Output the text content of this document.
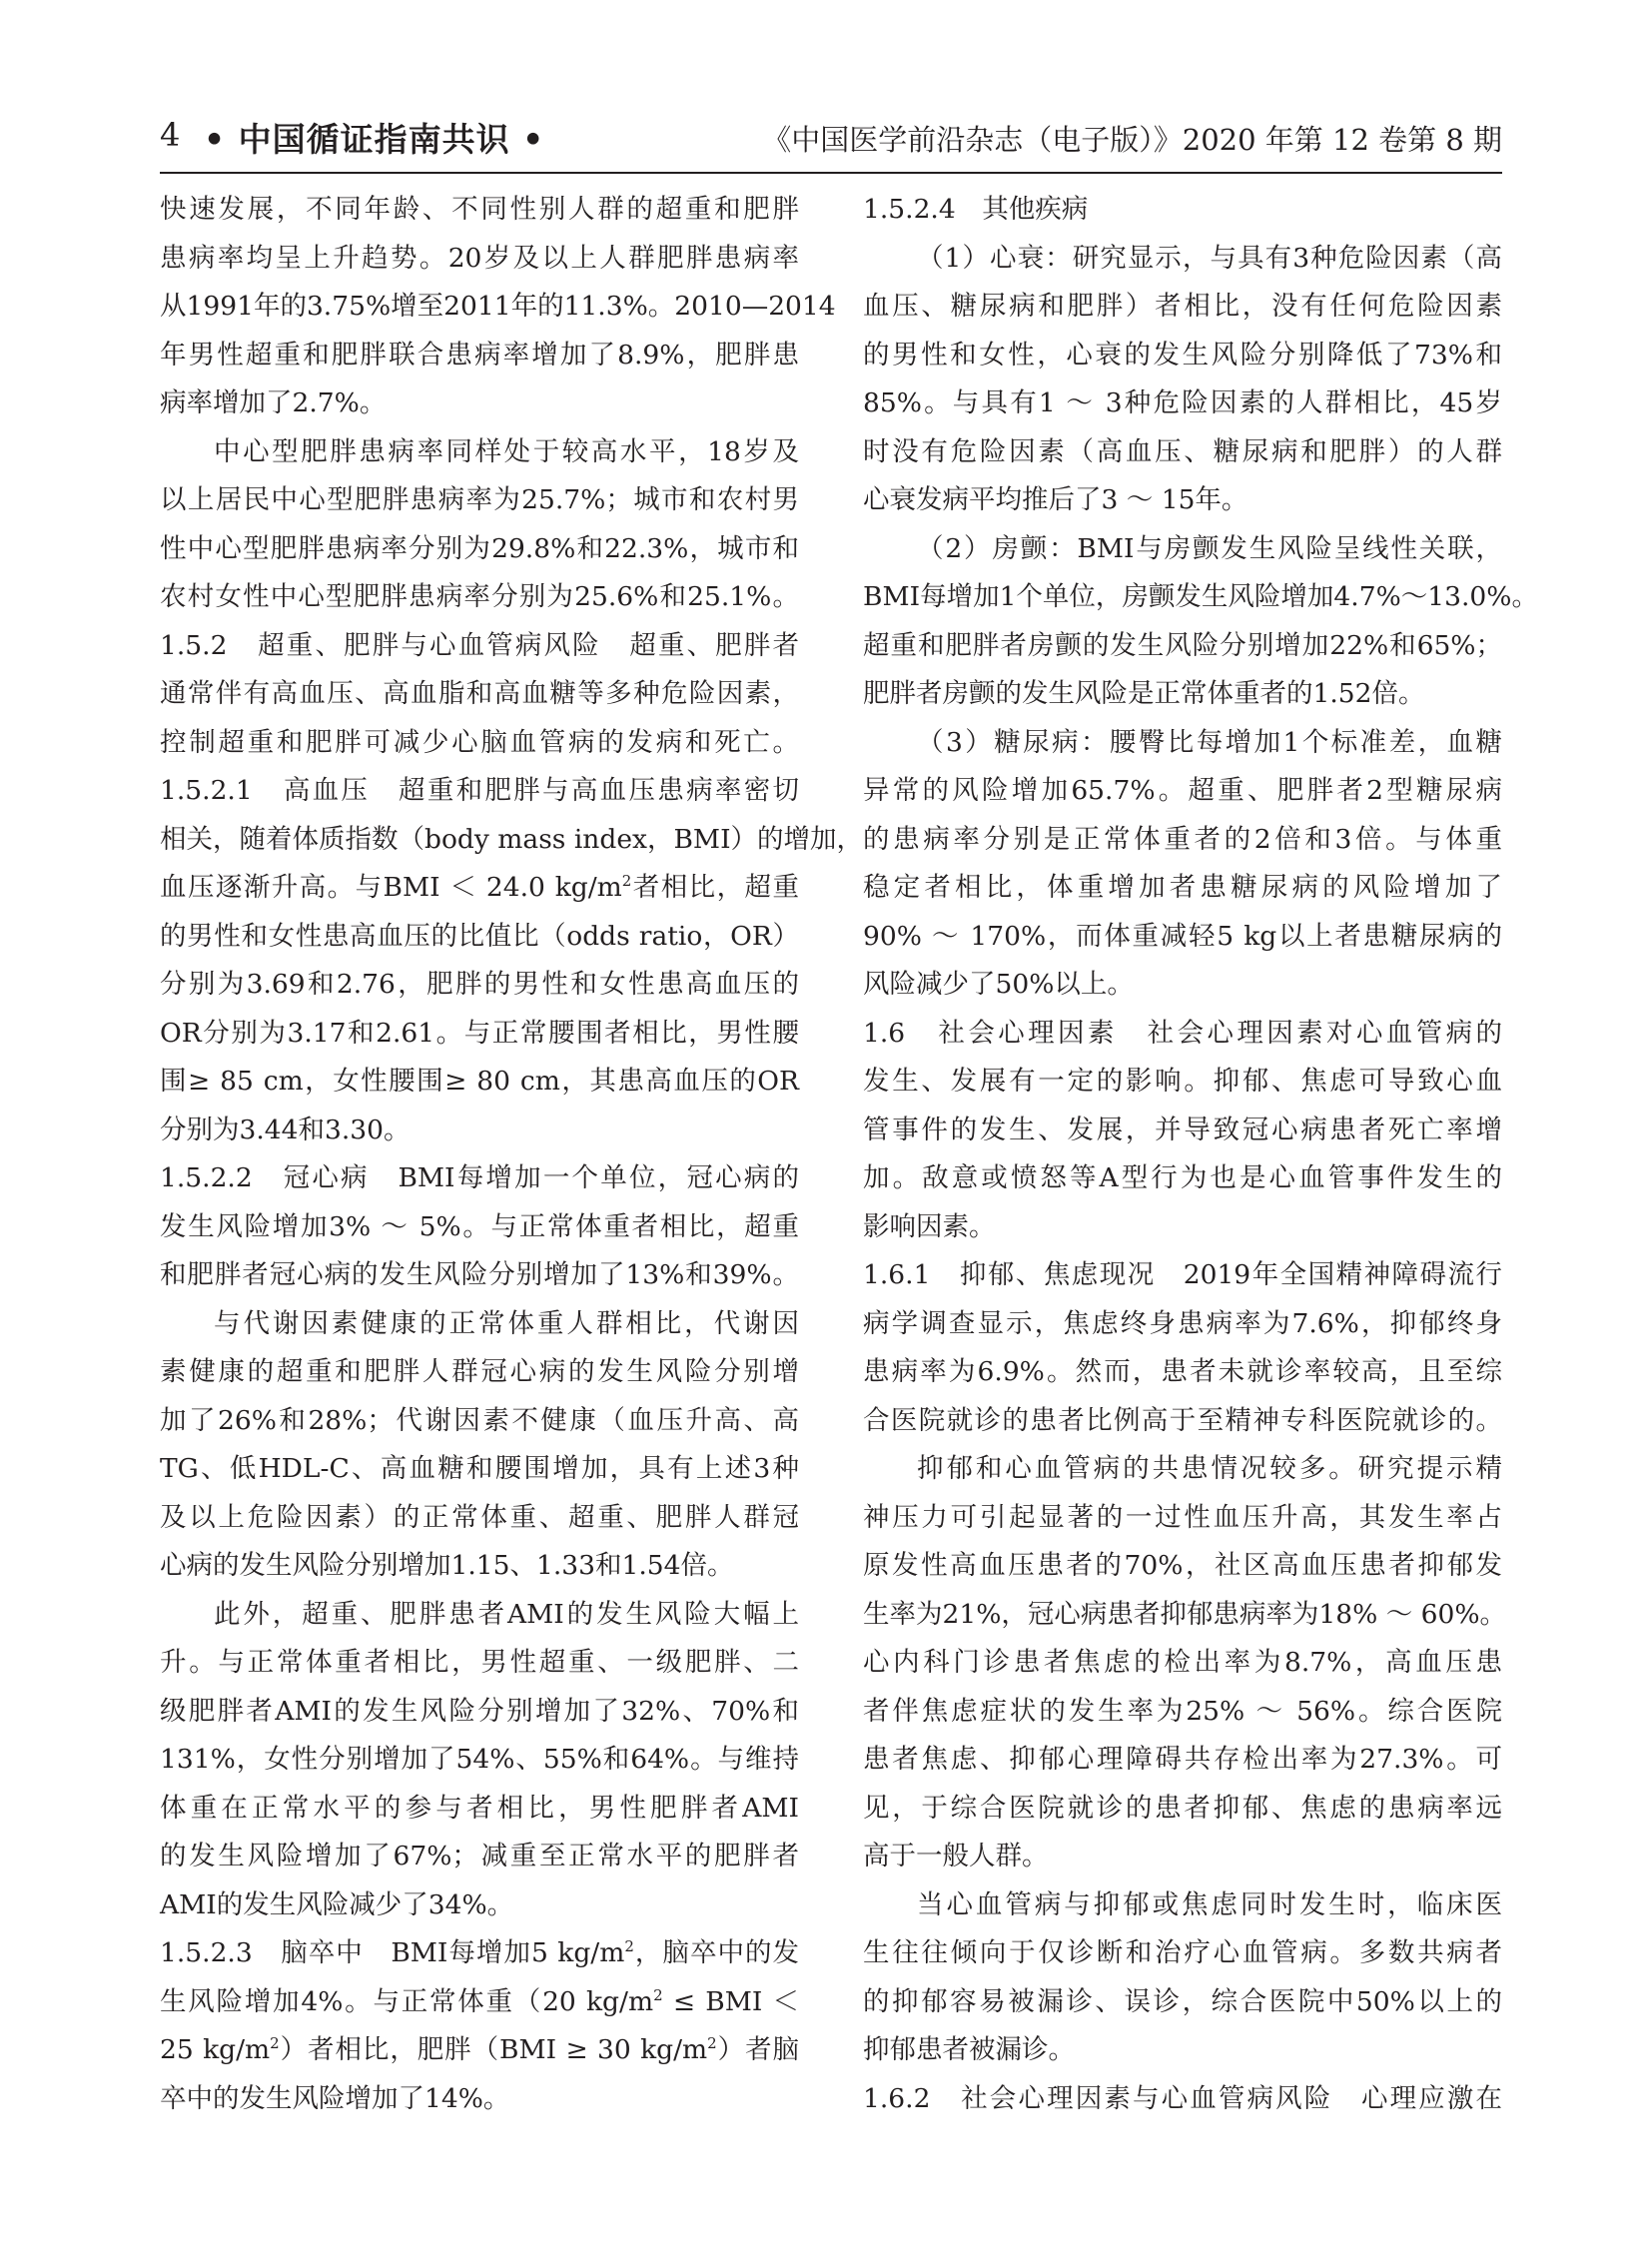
4 • 中国循证指南共识 •	《中国医学前沿杂志（电子版）》2020 年第 12 卷第 8 期
快速发展，不同年龄、不同性别人群的超重和肥胖
患病率均呈上升趋势。20岁及以上人群肥胖患病率
从1991年的3.75%增至2011年的11.3%。2010—2014
年男性超重和肥胖联合患病率增加了8.9%，肥胖患
病率增加了2.7%。
中心型肥胖患病率同样处于较高水平，18岁及
以上居民中心型肥胖患病率为25.7%；城市和农村男
性中心型肥胖患病率分别为29.8%和22.3%，城市和
农村女性中心型肥胖患病率分别为25.6%和25.1%。
1.5.2　超重、肥胖与心血管病风险　超重、肥胖者
通常伴有高血压、高血脂和高血糖等多种危险因素，
控制超重和肥胖可减少心脑血管病的发病和死亡。
1.5.2.1　高血压　超重和肥胖与高血压患病率密切
相关，随着体质指数（body mass index，BMI）的增加，
血压逐渐升高。与BMI ＜ 24.0 $kg/m^2$者相比，超重
的男性和女性患高血压的比值比（odds ratio，OR）
分别为3.69和2.76，肥胖的男性和女性患高血压的
OR分别为3.17和2.61。与正常腰围者相比，男性腰
围≥ 85 cm，女性腰围≥ 80 cm，其患高血压的OR
分别为3.44和3.30。
1.5.2.2　冠心病　BMI每增加一个单位，冠心病的
发生风险增加3% ～ 5%。与正常体重者相比，超重
和肥胖者冠心病的发生风险分别增加了13%和39%。
与代谢因素健康的正常体重人群相比，代谢因
素健康的超重和肥胖人群冠心病的发生风险分别增
加了26%和28%；代谢因素不健康（血压升高、高
TG、低HDL-C、高血糖和腰围增加，具有上述3种
及以上危险因素）的正常体重、超重、肥胖人群冠
心病的发生风险分别增加1.15、1.33和1.54倍。
此外，超重、肥胖患者AMI的发生风险大幅上
升。与正常体重者相比，男性超重、一级肥胖、二
级肥胖者AMI的发生风险分别增加了32%、70%和
131%，女性分别增加了54%、55%和64%。与维持
体重在正常水平的参与者相比，男性肥胖者AMI
的发生风险增加了67%；减重至正常水平的肥胖者
AMI的发生风险减少了34%。
1.5.2.3　脑卒中　BMI每增加5 $kg/m^2$，脑卒中的发
生风险增加4%。与正常体重（20 $kg/m^2$ ≤ BMI ＜
25 $kg/m^2$）者相比，肥胖（BMI ≥ 30 $kg/m^2$）者脑
卒中的发生风险增加了14%。
1.5.2.4　其他疾病
（1）心衰：研究显示，与具有3种危险因素（高
血压、糖尿病和肥胖）者相比，没有任何危险因素
的男性和女性，心衰的发生风险分别降低了73%和
85%。与具有1 ～ 3种危险因素的人群相比，45岁
时没有危险因素（高血压、糖尿病和肥胖）的人群
心衰发病平均推后了3 ～ 15年。
（2）房颤：BMI与房颤发生风险呈线性关联，
BMI每增加1个单位，房颤发生风险增加4.7%～13.0%。
超重和肥胖者房颤的发生风险分别增加22%和65%；
肥胖者房颤的发生风险是正常体重者的1.52倍。
（3）糖尿病：腰臀比每增加1个标准差，血糖
异常的风险增加65.7%。超重、肥胖者2型糖尿病
的患病率分别是正常体重者的2倍和3倍。与体重
稳定者相比，体重增加者患糖尿病的风险增加了
90% ～ 170%，而体重减轻5 kg以上者患糖尿病的
风险减少了50%以上。
1.6　社会心理因素　社会心理因素对心血管病的
发生、发展有一定的影响。抑郁、焦虑可导致心血
管事件的发生、发展，并导致冠心病患者死亡率增
加。敌意或愤怒等A型行为也是心血管事件发生的
影响因素。
1.6.1　抑郁、焦虑现况　2019年全国精神障碍流行
病学调查显示，焦虑终身患病率为7.6%，抑郁终身
患病率为6.9%。然而，患者未就诊率较高，且至综
合医院就诊的患者比例高于至精神专科医院就诊的。
抑郁和心血管病的共患情况较多。研究提示精
神压力可引起显著的一过性血压升高，其发生率占
原发性高血压患者的70%，社区高血压患者抑郁发
生率为21%，冠心病患者抑郁患病率为18% ～ 60%。
心内科门诊患者焦虑的检出率为8.7%，高血压患
者伴焦虑症状的发生率为25% ～ 56%。综合医院
患者焦虑、抑郁心理障碍共存检出率为27.3%。可
见，于综合医院就诊的患者抑郁、焦虑的患病率远
高于一般人群。
当心血管病与抑郁或焦虑同时发生时，临床医
生往往倾向于仅诊断和治疗心血管病。多数共病者
的抑郁容易被漏诊、误诊，综合医院中50%以上的
抑郁患者被漏诊。
1.6.2　社会心理因素与心血管病风险　心理应激在
